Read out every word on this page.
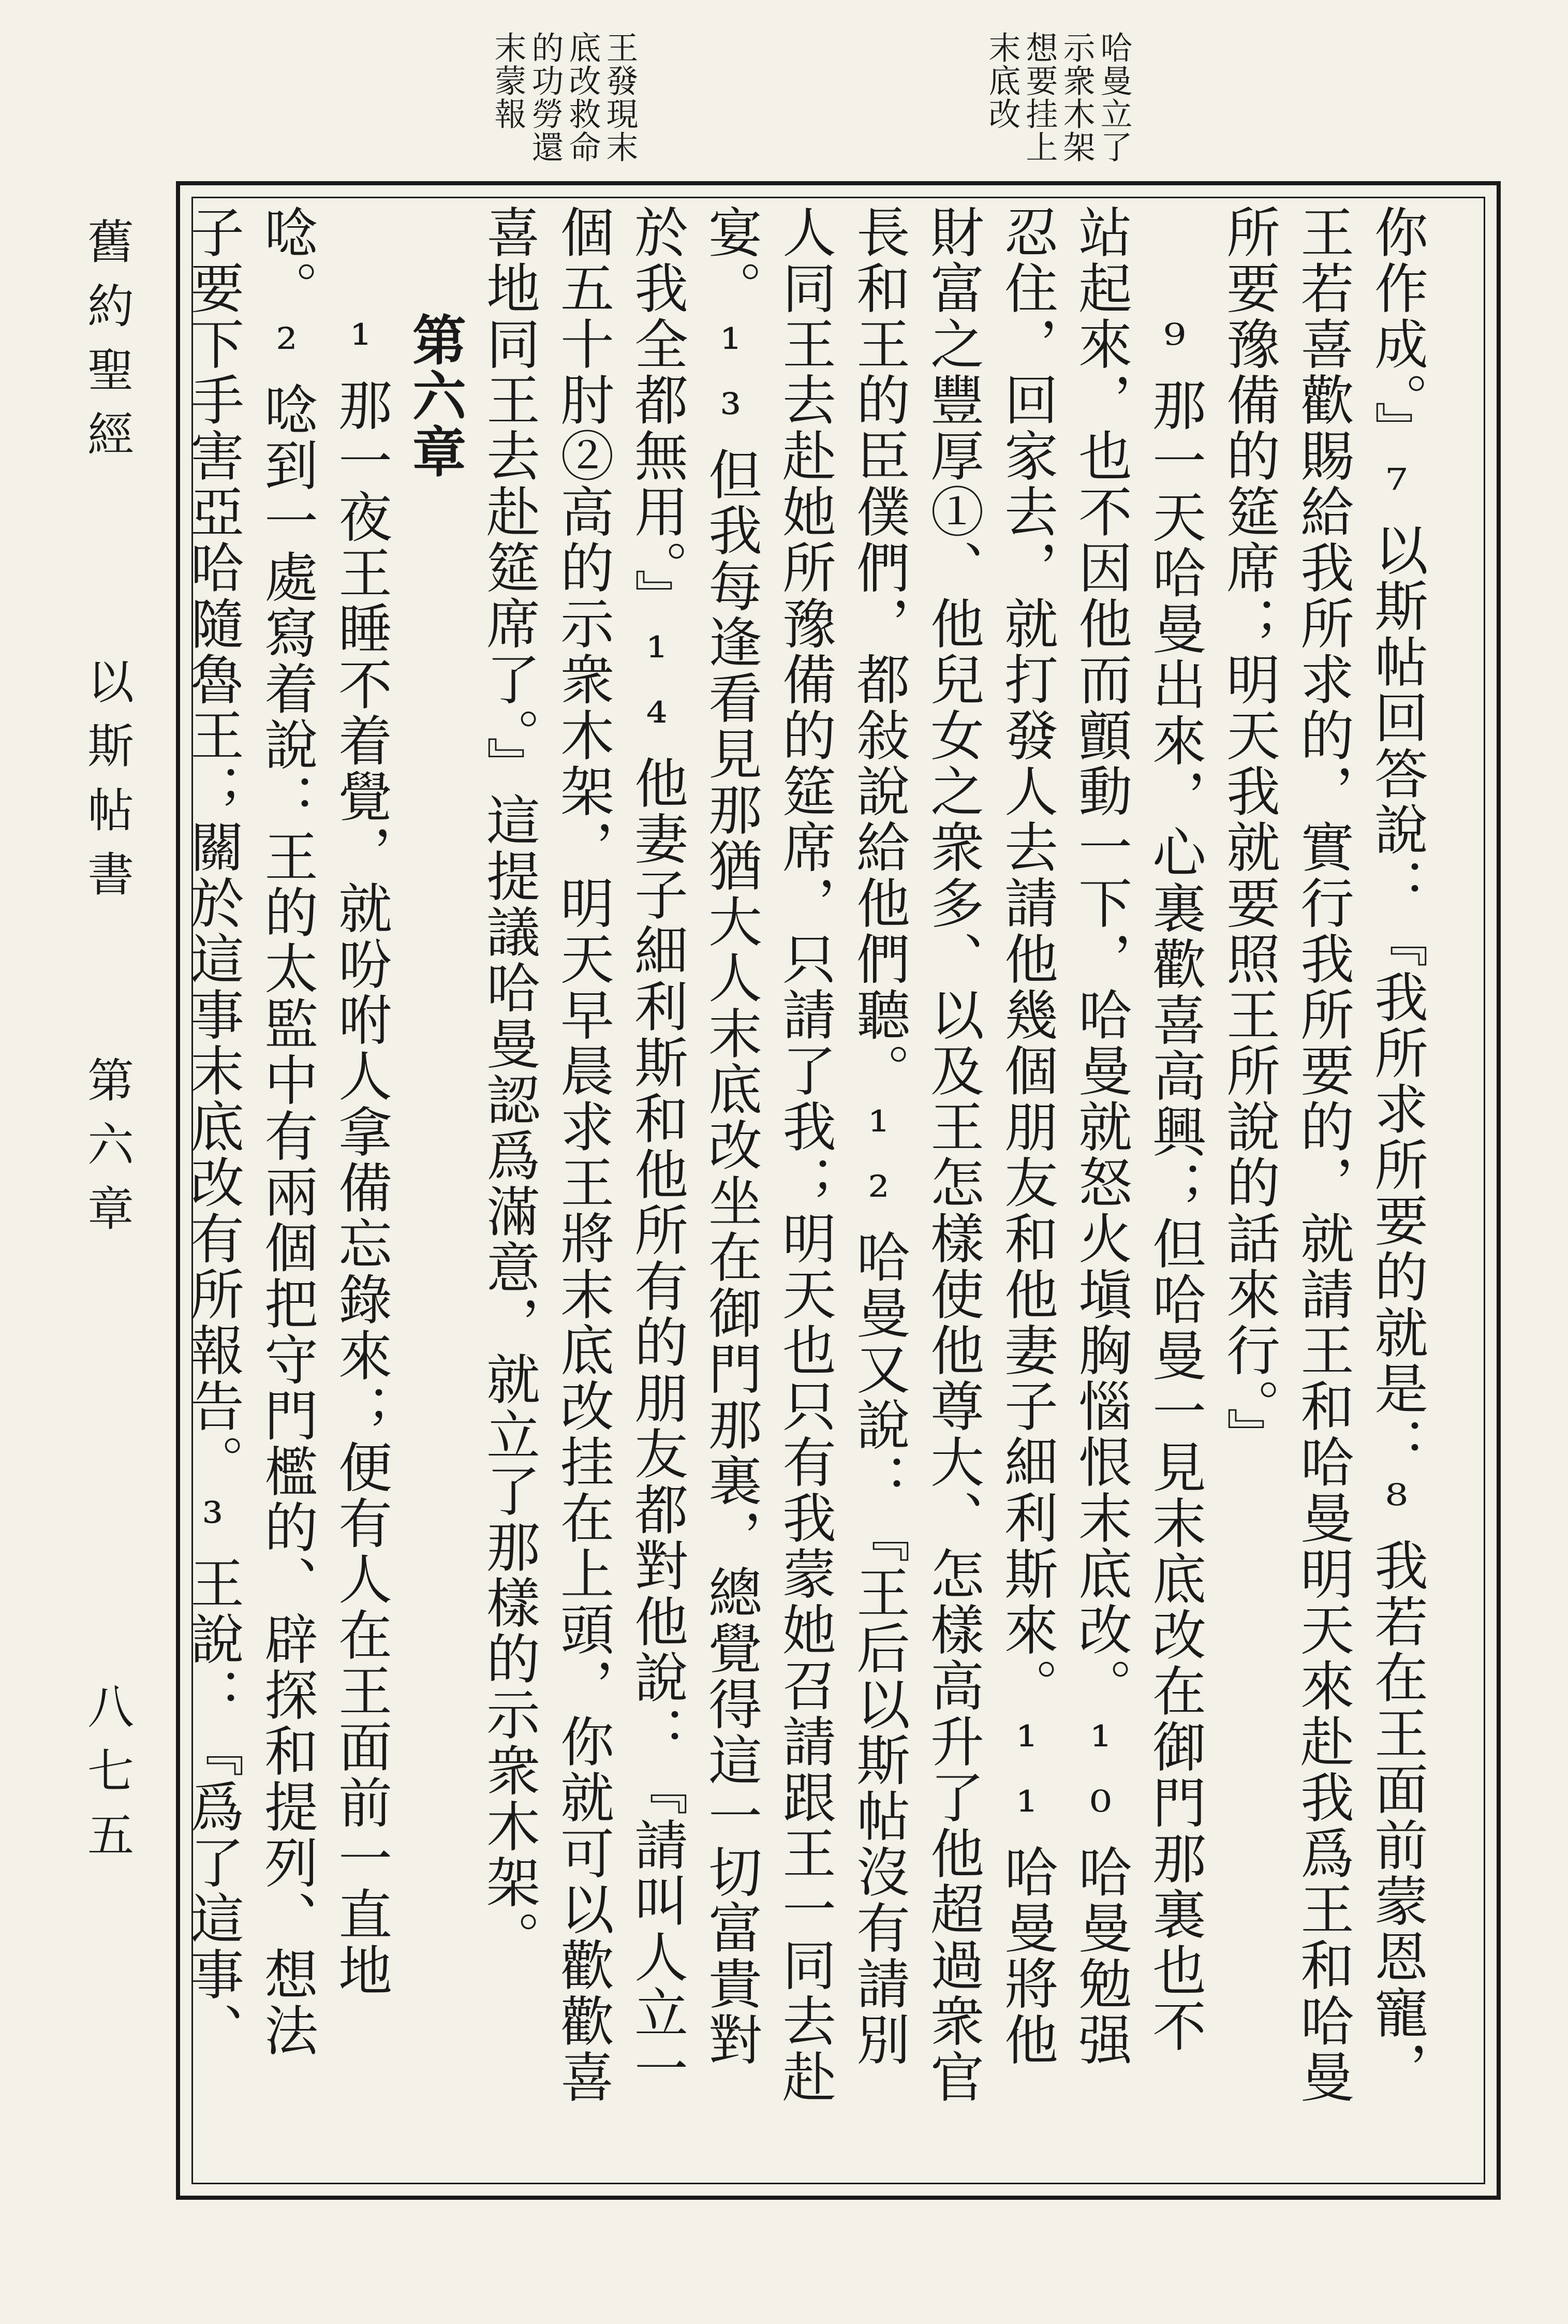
哈曼立了
示衆木架
想要挂上
末底改
王發現末
底改救命
的功勞還
末蒙報
舊約聖經
以斯帖書
第六章
八七五	你作成。』⁷以斯帖回答說：『我所求所要的就是：⁸我若在王面前蒙恩寵，王若喜歡賜給我所求的，實行我所要的，就請王和哈曼明天來赴我爲王和哈曼所要豫備的筵席；明天我就要照王所說的話來行。』

⁹那一天哈曼出來，心裏歡喜高興；但哈曼一見末底改在御門那裏也不站起來，也不因他而顫動一下，哈曼就怒火塡胸惱恨末底改。¹⁰哈曼勉强忍住，回家去，就打發人去請他幾個朋友和他妻子細利斯來。¹¹哈曼將他財富之豐厚①、他兒女之衆多、以及王怎樣使他尊大、怎樣高升了他超過衆官長和王的臣僕們，都敍說給他們聽。¹²哈曼又說：『王后以斯帖沒有請別人同王去赴她所豫備的筵席，只請了我；明天也只有我蒙她召請跟王一同去赴宴。¹³但我每逢看見那猶大人末底改坐在御門那裏，總覺得這一切富貴對於我全都無用。』¹⁴他妻子細利斯和他所有的朋友都對他說：『請叫人立一個五十肘②高的示衆木架，明天早晨求王將末底改挂在上頭，你就可以歡歡喜喜地同王去赴筵席了。』這提議哈曼認爲滿意，就立了那樣的示衆木架。

第六章

¹那一夜王睡不着覺，就吩咐人拿備忘錄來；便有人在王面前一直地唸。²唸到一處寫着說：王的太監中有兩個把守門檻的、辟探和提列、想法子要下手害亞哈隨魯王；關於這事末底改有所報告。³王說：『爲了這事、
